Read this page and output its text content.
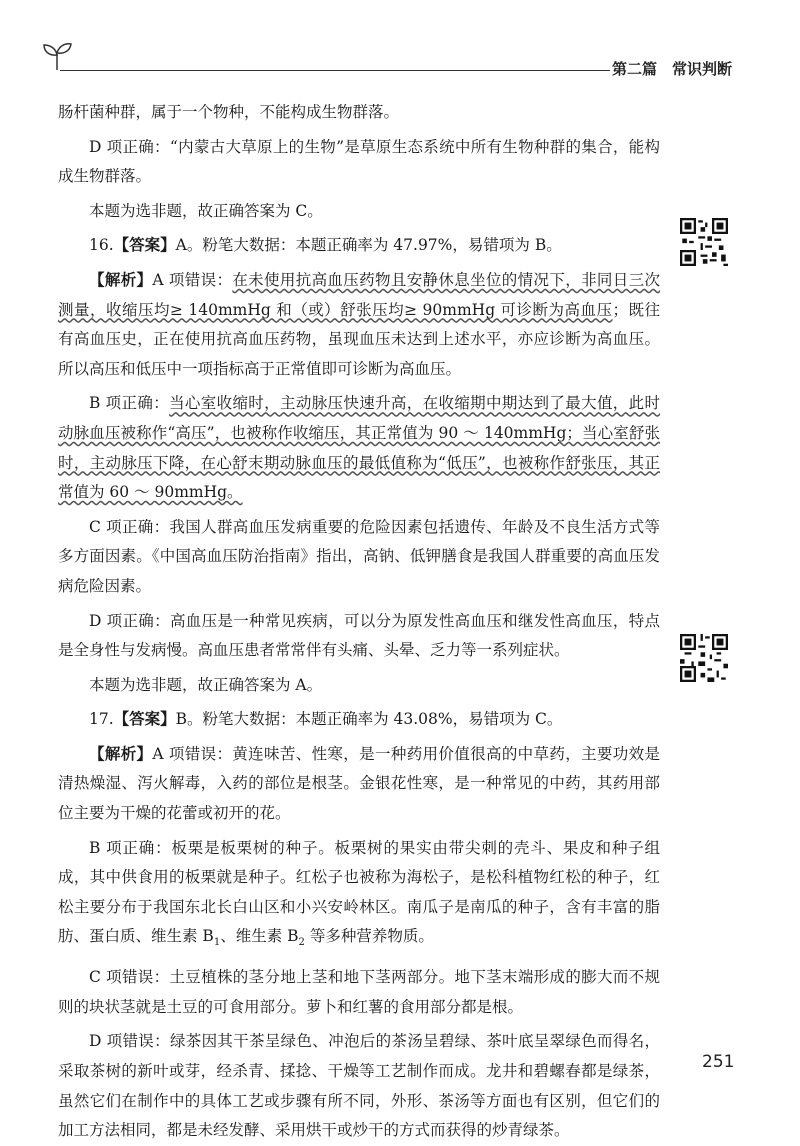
第二篇　常识判断

肠杆菌种群，属于一个物种，不能构成生物群落。

D 项正确：“内蒙古大草原上的生物”是草原生态系统中所有生物种群的集合，能构成生物群落。

本题为选非题，故正确答案为 C。

16.【答案】A。粉笔大数据：本题正确率为 47.97%，易错项为 B。

【解析】A 项错误：在未使用抗高血压药物且安静休息坐位的情况下，非同日三次测量，收缩压均≥ 140mmHg 和（或）舒张压均≥ 90mmHg 可诊断为高血压；既往有高血压史，正在使用抗高血压药物，虽现血压未达到上述水平，亦应诊断为高血压。所以高压和低压中一项指标高于正常值即可诊断为高血压。

B 项正确：当心室收缩时，主动脉压快速升高，在收缩期中期达到了最大值，此时动脉血压被称作“高压”，也被称作收缩压，其正常值为 90 ～ 140mmHg；当心室舒张时，主动脉压下降，在心舒末期动脉血压的最低值称为“低压”，也被称作舒张压，其正常值为 60 ～ 90mmHg。

C 项正确：我国人群高血压发病重要的危险因素包括遗传、年龄及不良生活方式等多方面因素。《中国高血压防治指南》指出，高钠、低钾膳食是我国人群重要的高血压发病危险因素。

D 项正确：高血压是一种常见疾病，可以分为原发性高血压和继发性高血压，特点是全身性与发病慢。高血压患者常常伴有头痛、头晕、乏力等一系列症状。

本题为选非题，故正确答案为 A。

17.【答案】B。粉笔大数据：本题正确率为 43.08%，易错项为 C。

【解析】A 项错误：黄连味苦、性寒，是一种药用价值很高的中草药，主要功效是清热燥湿、泻火解毒，入药的部位是根茎。金银花性寒，是一种常见的中药，其药用部位主要为干燥的花蕾或初开的花。

B 项正确：板栗是板栗树的种子。板栗树的果实由带尖刺的壳斗、果皮和种子组成，其中供食用的板栗就是种子。红松子也被称为海松子，是松科植物红松的种子，红松主要分布于我国东北长白山区和小兴安岭林区。南瓜子是南瓜的种子，含有丰富的脂肪、蛋白质、维生素 $B_1$、维生素 $B_2$ 等多种营养物质。

C 项错误：土豆植株的茎分地上茎和地下茎两部分。地下茎末端形成的膨大而不规则的块状茎就是土豆的可食用部分。萝卜和红薯的食用部分都是根。

D 项错误：绿茶因其干茶呈绿色、冲泡后的茶汤呈碧绿、茶叶底呈翠绿色而得名，采取茶树的新叶或芽，经杀青、揉捻、干燥等工艺制作而成。龙井和碧螺春都是绿茶，虽然它们在制作中的具体工艺或步骤有所不同，外形、茶汤等方面也有区别，但它们的加工方法相同，都是未经发酵、采用烘干或炒干的方式而获得的炒青绿茶。

251
